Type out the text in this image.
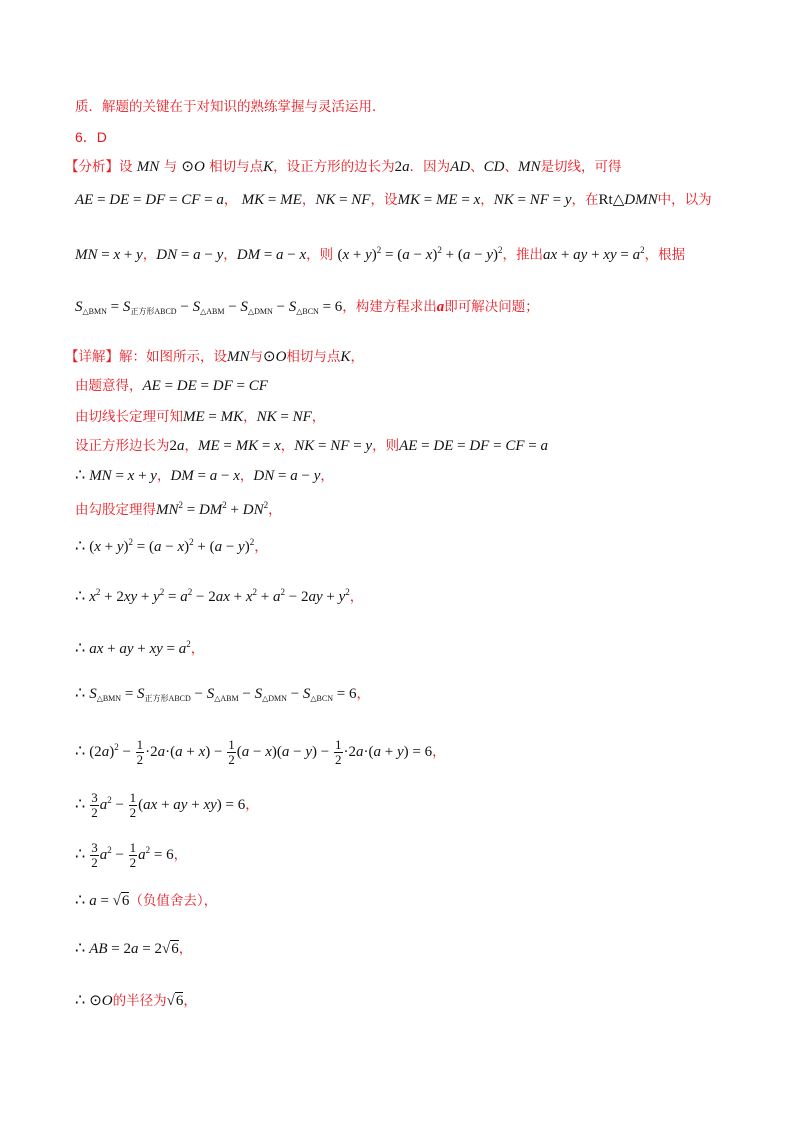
质．解题的关键在于对知识的熟练掌握与灵活运用．
6．D
【分析】设 MN 与 ⊙O 相切与点K，设正方形的边长为2a．因为AD、CD、MN是切线，可得
AE = DE = DF = CF = a， MK = ME，NK = NF，设MK = ME = x，NK = NF = y，在Rt△DMN中，以为
MN = x + y，DN = a − y，DM = a − x，则 $(x + y)^2 = (a - x)^2 + (a - y)^2$，推出ax + ay + xy = $a^2$，根据
$S_{\triangle BMN} = S_{正方形ABCD} - S_{\triangle ABM} - S_{\triangle DMN} - S_{\triangle BCN} = 6$，构建方程求出a即可解决问题；
【详解】解：如图所示，设MN与⊙O相切与点K，
由题意得，AE = DE = DF = CF
由切线长定理可知ME = MK，NK = NF，
设正方形边长为2a，ME = MK = x，NK = NF = y，则AE = DE = DF = CF = a
∴ MN = x + y，DM = a − x，DN = a − y，
由勾股定理得$MN^2 = DM^2 + DN^2$，
∴ $(x + y)^2 = (a - x)^2 + (a - y)^2$，
∴ $x^2 + 2xy + y^2 = a^2 - 2ax + x^2 + a^2 - 2ay + y^2$，
∴ ax + ay + xy = $a^2$，
∴ $S_{\triangle BMN} = S_{正方形ABCD} - S_{\triangle ABM} - S_{\triangle DMN} - S_{\triangle BCN} = 6$，
∴ $(2a)^2 - \frac{1}{2} \cdot 2a\cdot(a + x) - \frac{1}{2} (a - x)(a - y) - \frac{1}{2} \cdot 2a\cdot(a + y) = 6$，
∴ $\frac{3}{2} a^2 - \frac{1}{2} (ax$ + ay + xy) = 6，
∴ $\frac{3}{2} a^2 - \frac{1}{2} a^2 = 6$，
∴ a = √6（负值舍去），
∴ AB = 2a = 2√6，
∴ ⊙O的半径为√6，
